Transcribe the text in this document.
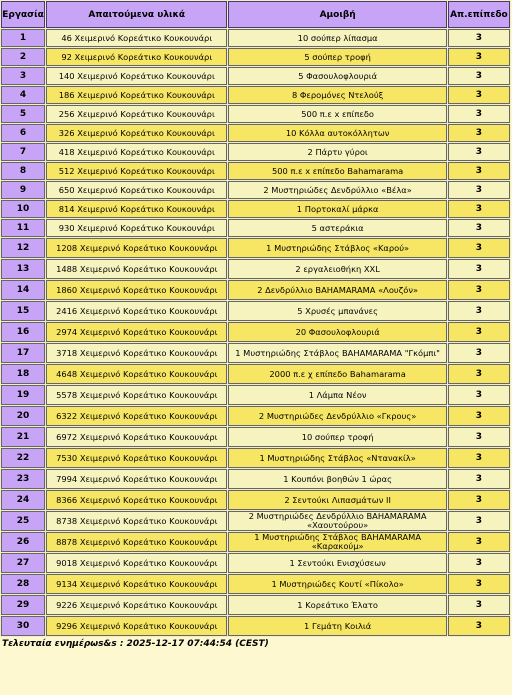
Εργασία	Απαιτούμενα υλικά	Αμοιβή	Απ.επίπεδο
1	46 Χειμερινό Κορεάτικο Κουκουνάρι	10 σούπερ λίπασμα	3
2	92 Χειμερινό Κορεάτικο Κουκουνάρι	5 σούπερ τροφή	3
3	140 Χειμερινό Κορεάτικο Κουκουνάρι	5 Φασουλοφλουριά	3
4	186 Χειμερινό Κορεάτικο Κουκουνάρι	8 Φερομόνες Ντελούξ	3
5	256 Χειμερινό Κορεάτικο Κουκουνάρι	500 π.ε x επίπεδο	3
6	326 Χειμερινό Κορεάτικο Κουκουνάρι	10 Κόλλα αυτοκόλλητων	3
7	418 Χειμερινό Κορεάτικο Κουκουνάρι	2 Πάρτυ γύροι	3
8	512 Χειμερινό Κορεάτικο Κουκουνάρι	500 π.ε x επίπεδο Bahamarama	3
9	650 Χειμερινό Κορεάτικο Κουκουνάρι	2 Μυστηριώδες Δενδρύλλιο «Βέλα»	3
10	814 Χειμερινό Κορεάτικο Κουκουνάρι	1 Πορτοκαλί μάρκα	3
11	930 Χειμερινό Κορεάτικο Κουκουνάρι	5 αστεράκια	3
12	1208 Χειμερινό Κορεάτικο Κουκουνάρι	1 Μυστηριώδης Στάβλος «Καρού»	3
13	1488 Χειμερινό Κορεάτικο Κουκουνάρι	2 εργαλειοθήκη XXL	3
14	1860 Χειμερινό Κορεάτικο Κουκουνάρι	2 Δενδρύλλιο BAHAMARAMA «Λουζόν»	3
15	2416 Χειμερινό Κορεάτικο Κουκουνάρι	5 Χρυσές μπανάνες	3
16	2974 Χειμερινό Κορεάτικο Κουκουνάρι	20 Φασουλοφλουριά	3
17	3718 Χειμερινό Κορεάτικο Κουκουνάρι	1 Μυστηριώδης Στάβλος BAHAMARAMA "Γκόμπι"	3
18	4648 Χειμερινό Κορεάτικο Κουκουνάρι	2000 π.ε χ επίπεδο Bahamarama	3
19	5578 Χειμερινό Κορεάτικο Κουκουνάρι	1 Λάμπα Νέον	3
20	6322 Χειμερινό Κορεάτικο Κουκουνάρι	2 Μυστηριώδες Δενδρύλλιο «Γκρους»	3
21	6972 Χειμερινό Κορεάτικο Κουκουνάρι	10 σούπερ τροφή	3
22	7530 Χειμερινό Κορεάτικο Κουκουνάρι	1 Μυστηριώδης Στάβλος «Ντανακίλ»	3
23	7994 Χειμερινό Κορεάτικο Κουκουνάρι	1 Κουπόνι βοηθών 1 ώρας	3
24	8366 Χειμερινό Κορεάτικο Κουκουνάρι	2 Σεντούκι Λιπασμάτων II	3
25	8738 Χειμερινό Κορεάτικο Κουκουνάρι	2 Μυστηριώδες Δενδρύλλιο BAHAMARAMA «Χαουτούρου»	3
26	8878 Χειμερινό Κορεάτικο Κουκουνάρι	1 Μυστηριώδης Στάβλος BAHAMARAMA «Καρακούμ»	3
27	9018 Χειμερινό Κορεάτικο Κουκουνάρι	1 Σεντούκι Ενισχύσεων	3
28	9134 Χειμερινό Κορεάτικο Κουκουνάρι	1 Μυστηριώδες Κουτί «Πίκολο»	3
29	9226 Χειμερινό Κορεάτικο Κουκουνάρι	1 Κορεάτικο Έλατο	3
30	9296 Χειμερινό Κορεάτικο Κουκουνάρι	1 Γεμάτη Κοιλιά	3
Τελευταία ενημέρωs&s : 2025-12-17 07:44:54 (CEST)
